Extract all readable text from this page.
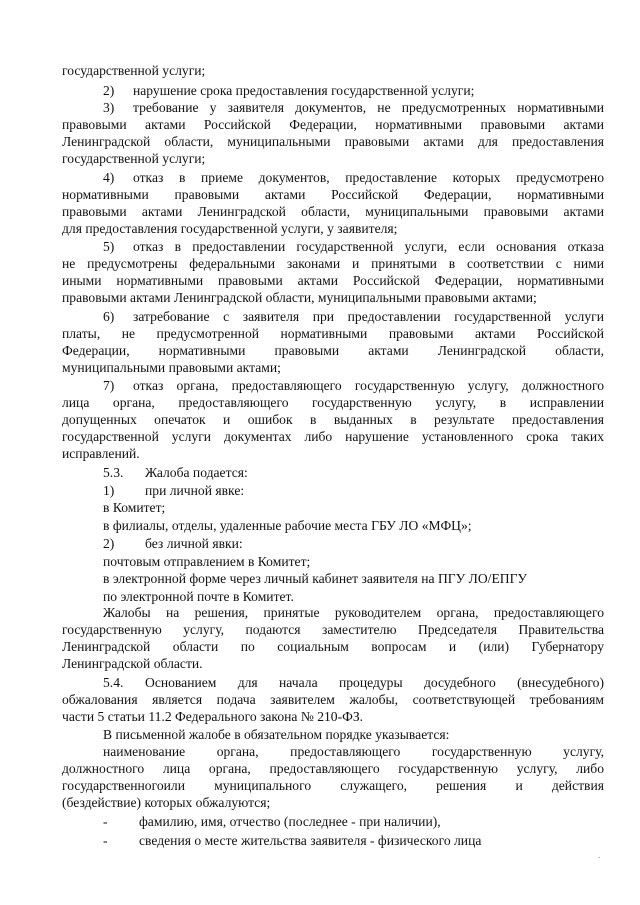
государственной услуги;
2) нарушение срока предоставления государственной услуги;
3) требование у заявителя документов, не предусмотренных нормативными
правовыми актами Российской Федерации, нормативными правовыми актами
Ленинградской области, муниципальными правовыми актами для предоставления
государственной услуги;
4) отказ в приеме документов, предоставление которых предусмотрено
нормативными правовыми актами Российской Федерации, нормативными
правовыми актами Ленинградской области, муниципальными правовыми актами
для предоставления государственной услуги, у заявителя;
5) отказ в предоставлении государственной услуги, если основания отказа
не предусмотрены федеральными законами и принятыми в соответствии с ними
иными нормативными правовыми актами Российской Федерации, нормативными
правовыми актами Ленинградской области, муниципальными правовыми актами;
6) затребование с заявителя при предоставлении государственной услуги
платы, не предусмотренной нормативными правовыми актами Российской
Федерации, нормативными правовыми актами Ленинградской области,
муниципальными правовыми актами;
7) отказ органа, предоставляющего государственную услугу, должностного
лица органа, предоставляющего государственную услугу, в исправлении
допущенных опечаток и ошибок в выданных в результате предоставления
государственной услуги документах либо нарушение установленного срока таких
исправлений.
5.3. Жалоба подается:
1) при личной явке:
в Комитет;
в филиалы, отделы, удаленные рабочие места ГБУ ЛО «МФЦ»;
2) без личной явки:
почтовым отправлением в Комитет;
в электронной форме через личный кабинет заявителя на ПГУ ЛО/ЕПГУ
по электронной почте в Комитет.
Жалобы на решения, принятые руководителем органа, предоставляющего
государственную услугу, подаются заместителю Председателя Правительства
Ленинградской области по социальным вопросам и (или) Губернатору
Ленинградской области.
5.4. Основанием для начала процедуры досудебного (внесудебного)
обжалования является подача заявителем жалобы, соответствующей требованиям
части 5 статьи 11.2 Федерального закона № 210-ФЗ.
В письменной жалобе в обязательном порядке указывается:
наименование органа, предоставляющего государственную услугу,
должностного лица органа, предоставляющего государственную услугу, либо
государственногоили муниципального служащего, решения и действия
(бездействие) которых обжалуются;
- фамилию, имя, отчество (последнее - при наличии),
- сведения о месте жительства заявителя - физического лица
.
